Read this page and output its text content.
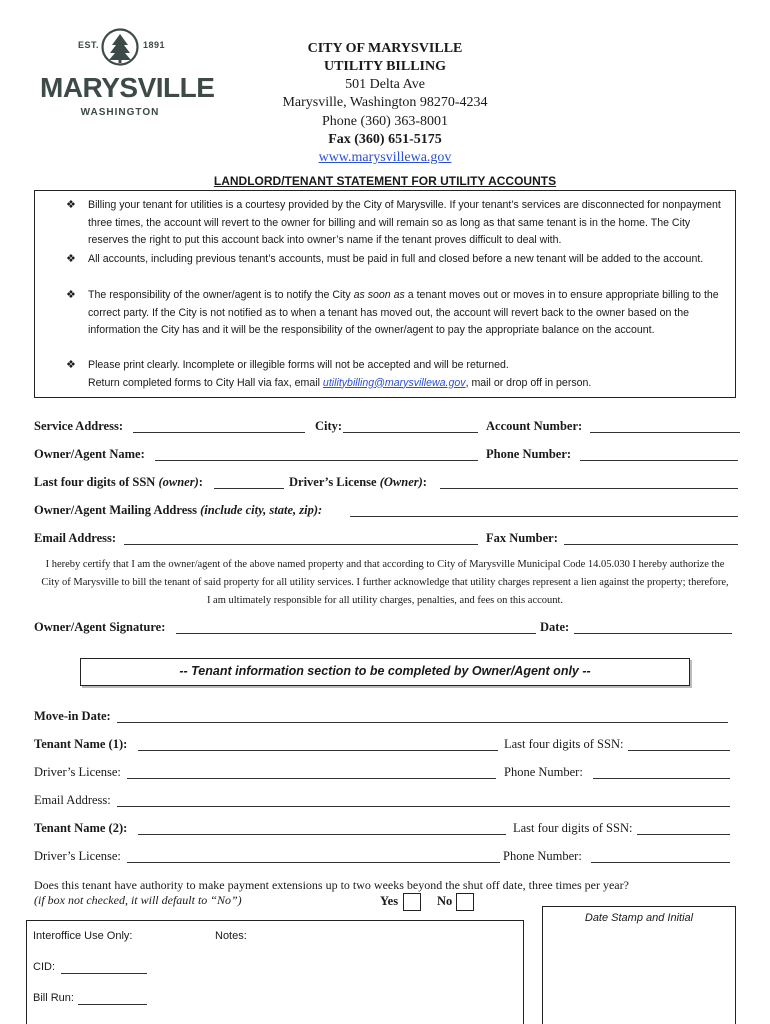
EST.	1891
MARYSVILLE
WASHINGTON
CITY OF MARYSVILLE
UTILITY BILLING
501 Delta Ave
Marysville, Washington 98270-4234
Phone (360) 363-8001
Fax (360) 651-5175
www.marysvillewa.gov
LANDLORD/TENANT STATEMENT FOR UTILITY ACCOUNTS
❖ Billing your tenant for utilities is a courtesy provided by the City of Marysville. If your tenant’s services are disconnected for nonpayment three times, the account will revert to the owner for billing and will remain so as long as that same tenant is in the home. The City reserves the right to put this account back into owner’s name if the tenant proves difficult to deal with.
❖ All accounts, including previous tenant’s accounts, must be paid in full and closed before a new tenant will be added to the account.
❖ The responsibility of the owner/agent is to notify the City as soon as a tenant moves out or moves in to ensure appropriate billing to the correct party. If the City is not notified as to when a tenant has moved out, the account will revert back to the owner based on the information the City has and it will be the responsibility of the owner/agent to pay the appropriate balance on the account.
❖ Please print clearly. Incomplete or illegible forms will not be accepted and will be returned.
Return completed forms to City Hall via fax, email utilitybilling@marysvillewa.gov, mail or drop off in person.
Service Address:	City:	Account Number:
Owner/Agent Name:	Phone Number:
Last four digits of SSN (owner):	Driver’s License (Owner):
Owner/Agent Mailing Address (include city, state, zip):
Email Address:	Fax Number:
I hereby certify that I am the owner/agent of the above named property and that according to City of Marysville Municipal Code 14.05.030 I hereby authorize the City of Marysville to bill the tenant of said property for all utility services. I further acknowledge that utility charges represent a lien against the property; therefore, I am ultimately responsible for all utility charges, penalties, and fees on this account.
Owner/Agent Signature:	Date:
-- Tenant information section to be completed by Owner/Agent only --
Move-in Date:
Tenant Name (1):	Last four digits of SSN:
Driver’s License:	Phone Number:
Email Address:
Tenant Name (2):	Last four digits of SSN:
Driver’s License:	Phone Number:
Does this tenant have authority to make payment extensions up to two weeks beyond the shut off date, three times per year?
(if box not checked, it will default to “No”)	Yes	No
Date Stamp and Initial
Interoffice Use Only:	Notes:
CID:
Bill Run:
